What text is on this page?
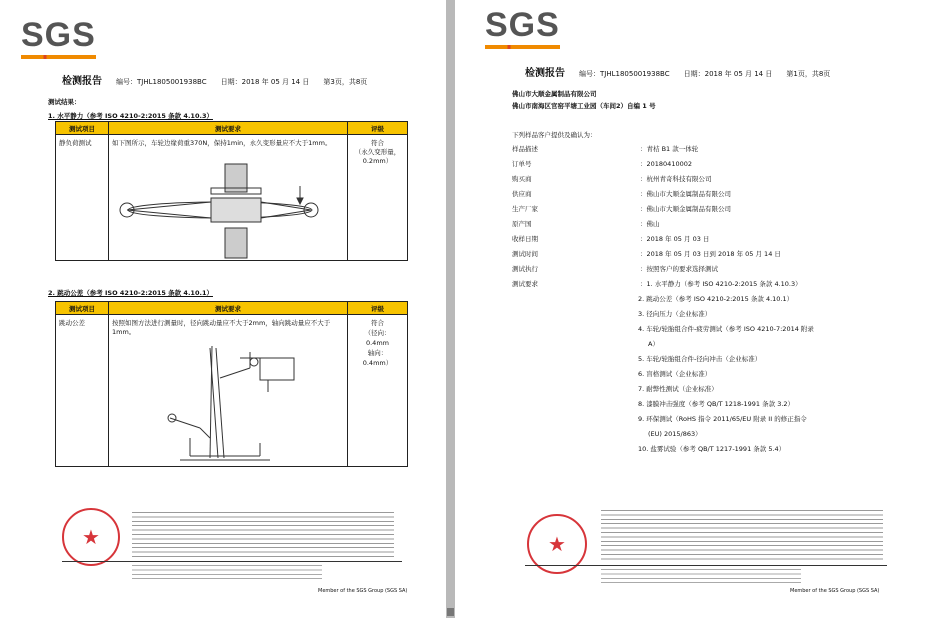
SGS
检测报告 编号：TJHL1805001938BC 日期：2018 年 05 月 14 日 第3页，共8页
测试结果：
1. 水平静力（参考 ISO 4210-2:2015 条款 4.10.3）
测试项目	测试要求	评级
静负荷测试	如下图所示，车轮边缘荷重370N，保持1min，永久变形量应不大于1mm。	符合
（永久变形量，0.2mm）
2. 跳动公差（参考 ISO 4210-2:2015 条款 4.10.1）
测试项目	测试要求	评级
跳动公差	按照如图方法进行测量时，径向跳动量应不大于2mm，轴向跳动量应不大于1mm。	符合
（径向：
0.4mm
轴向：
0.4mm）
★
Member of the SGS Group (SGS SA)
SGS
检测报告 编号：TJHL1805001938BC 日期：2018 年 05 月 14 日 第1页，共8页
佛山市大顺金属制品有限公司
佛山市南海区官窑平塘工业园（车间2）自编 1 号
下列样品客户提供及确认为：
样品描述	：青桔 B1 款一体轮
订单号	：20180410002
购买商	：杭州青奇科技有限公司
供应商	：佛山市大顺金属制品有限公司
生产厂家	：佛山市大顺金属制品有限公司
原产国	：佛山
收样日期	：2018 年 05 月 03 日
测试时间	：2018 年 05 月 03 日到 2018 年 05 月 14 日
测试执行	：按照客户的要求选择测试
测试要求	：1. 水平静力（参考 ISO 4210-2:2015 条款 4.10.3）
2. 跳动公差（参考 ISO 4210-2:2015 条款 4.10.1）
3. 径向压力（企业标准）
4. 车轮/轮胎组合件-疲劳测试（参考 ISO 4210-7:2014 附录
A）
5. 车轮/轮胎组合件-径向冲击（企业标准）
6. 盲格测试（企业标准）
7. 耐弊性测试（企业标准）
8. 漆膜冲击强度（参考 QB/T 1218-1991 条款 3.2）
9. 环保测试（RoHS 指令 2011/65/EU 附录 II 的修正指令
(EU) 2015/863）
10. 盐雾试验（参考 QB/T 1217-1991 条款 5.4）
★
Member of the SGS Group (SGS SA)
